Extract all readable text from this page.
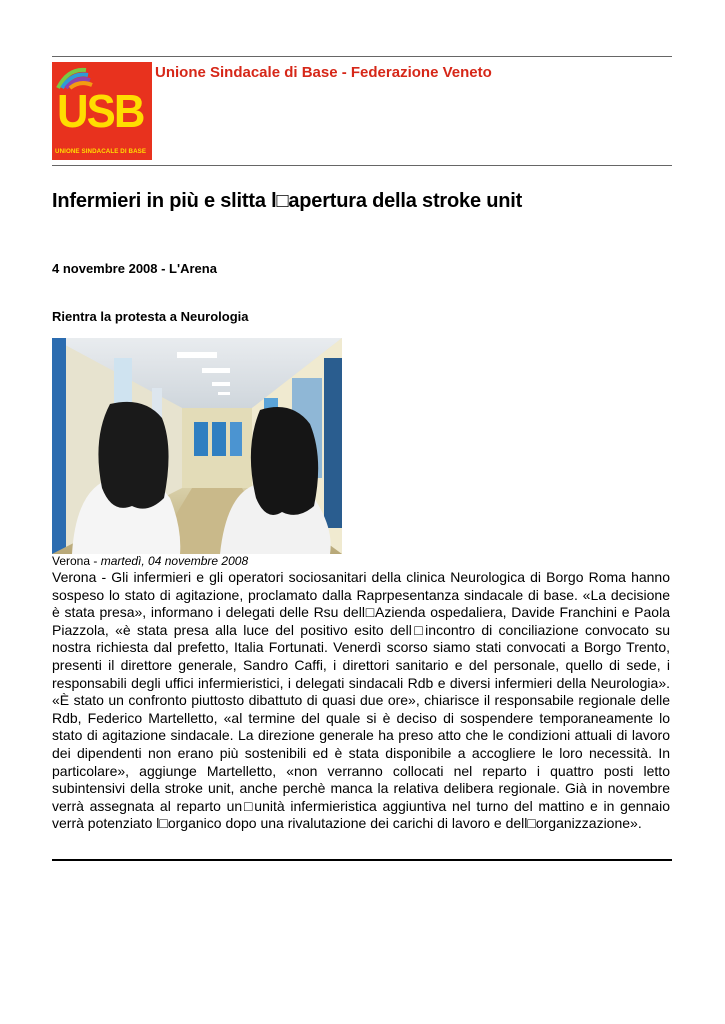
USB
UNIONE SINDACALE DI BASE
Unione Sindacale di Base - Federazione Veneto
Infermieri in più e slitta l□apertura della stroke unit
4 novembre 2008 - L'Arena
Rientra la protesta a Neurologia
Verona - martedì, 04 novembre 2008

Verona - Gli infermieri e gli operatori sociosanitari della clinica Neurologica di Borgo Roma hanno sospeso lo stato di agitazione, proclamato dalla Raprpesentanza sindacale di base. «La decisione è stata presa», informano i delegati delle Rsu dell□Azienda ospedaliera, Davide Franchini e Paola Piazzola, «è stata presa alla luce del positivo esito dell□incontro di conciliazione convocato su nostra richiesta dal prefetto, Italia Fortunati. Venerdì scorso siamo stati convocati a Borgo Trento, presenti il direttore generale, Sandro Caffi, i direttori sanitario e del personale, quello di sede, i responsabili degli uffici infermieristici, i delegati sindacali Rdb e diversi infermieri della Neurologia». «È stato un confronto piuttosto dibattuto di quasi due ore», chiarisce il responsabile regionale delle Rdb, Federico Martelletto, «al termine del quale si è deciso di sospendere temporaneamente lo stato di agitazione sindacale. La direzione generale ha preso atto che le condizioni attuali di lavoro dei dipendenti non erano più sostenibili ed è stata disponibile a accogliere le loro necessità. In particolare», aggiunge Martelletto, «non verranno collocati nel reparto i quattro posti letto subintensivi della stroke unit, anche perchè manca la relativa delibera regionale. Già in novembre verrà assegnata al reparto un□unità infermieristica aggiuntiva nel turno del mattino e in gennaio verrà potenziato l□organico dopo una rivalutazione dei carichi di lavoro e dell□organizzazione».
